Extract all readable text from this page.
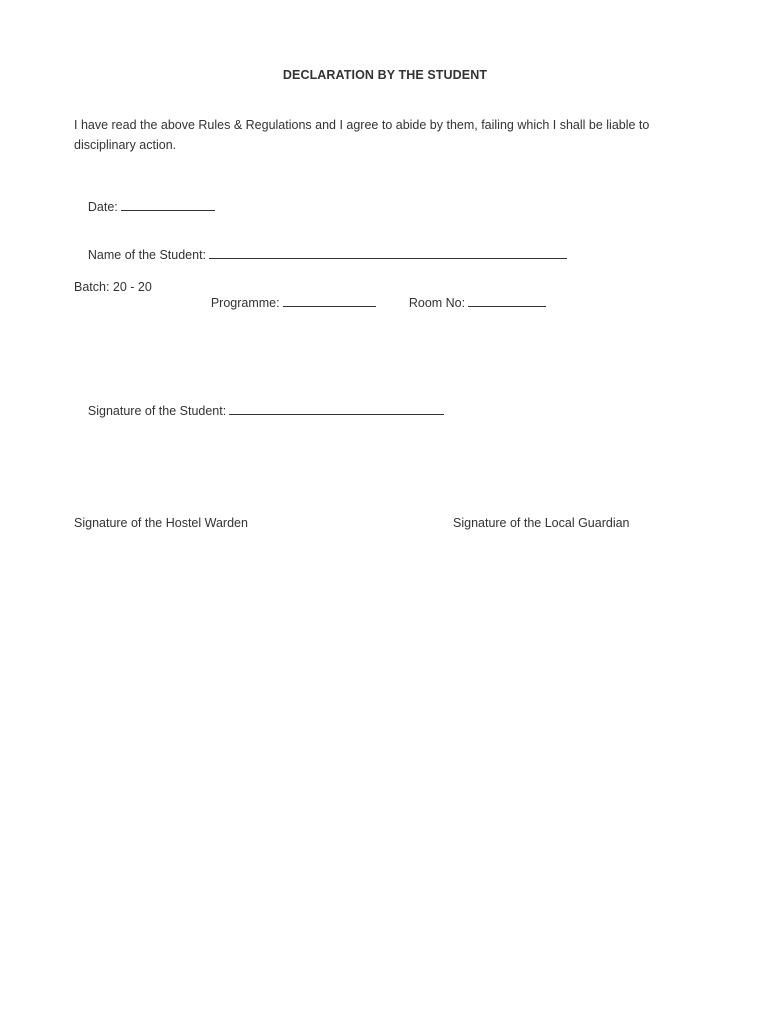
DECLARATION BY THE STUDENT
I have read the above Rules & Regulations and I agree to abide by them, failing which I shall be liable to disciplinary action.

Date:

Name of the Student:

Batch: 20 - 20

Programme:

	Room No:

Signature of the Student:

Signature of the Hostel Warden

	Signature of the Local Guardian
